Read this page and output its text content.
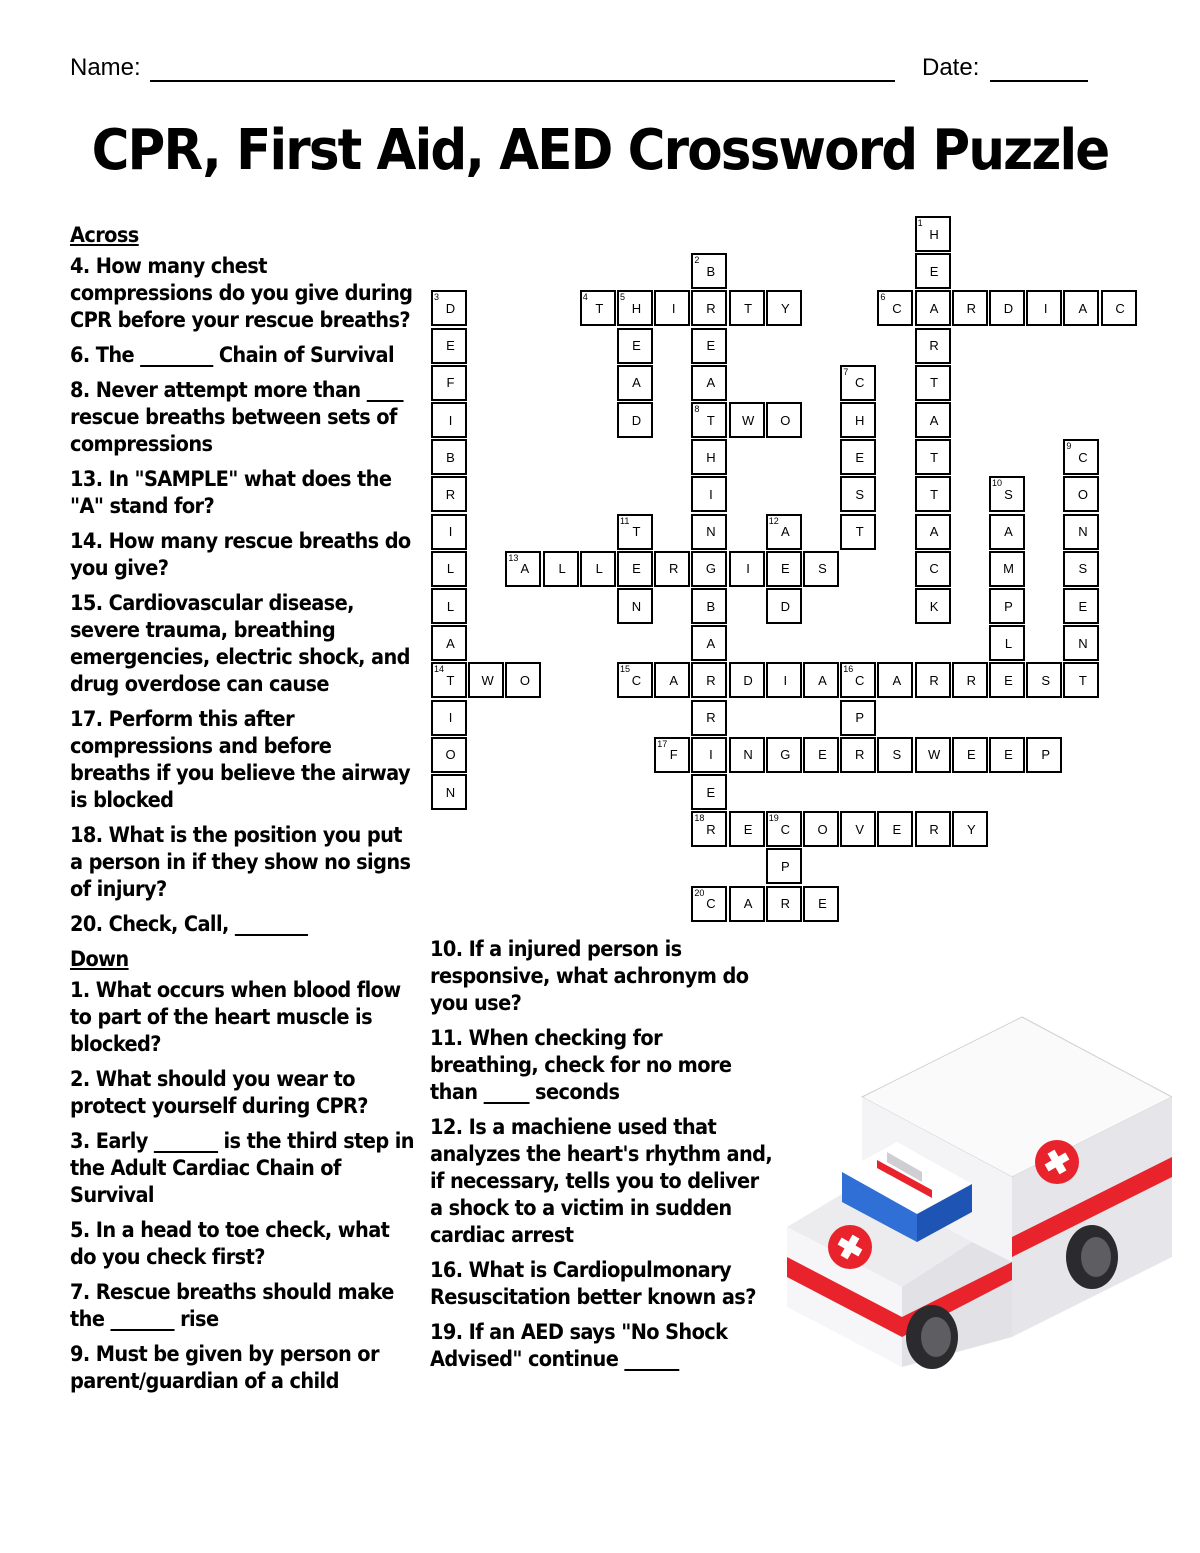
Name:	Date:
CPR, First Aid, AED Crossword Puzzle
Across
4. How many chest compressions do you give during CPR before your rescue breaths?
6. The ________ Chain of Survival
8. Never attempt more than ____ rescue breaths between sets of compressions
13. In "SAMPLE" what does the "A" stand for?
14. How many rescue breaths do you give?
15. Cardiovascular disease, severe trauma, breathing emergencies, electric shock, and drug overdose can cause
17. Perform this after compressions and before breaths if you believe the airway is blocked
18. What is the position you put a person in if they show no signs of injury?
20. Check, Call, ________
Down
1. What occurs when blood flow to part of the heart muscle is blocked?
2. What should you wear to protect yourself during CPR?
3. Early _______ is the third step in the Adult Cardiac Chain of Survival
5. In a head to toe check, what do you check first?
7. Rescue breaths should make the _______ rise
9. Must be given by person or parent/guardian of a child
10. If a injured person is responsive, what achronym do you use?
11. When checking for breathing, check for no more than _____ seconds
12. Is a machiene used that analyzes the heart's rhythm and, if necessary, tells you to deliver a shock to a victim in sudden cardiac arrest
16. What is Cardiopulmonary Resuscitation better known as?
19. If an AED says "No Shock Advised" continue ______
1
H
E
A
R
T
A
T
T
A
C
K
2
B
R
E
A
8
T
H
I
N
G
B
A
R
R
I
E
18
R
3
D
E
F
I
B
R
I
L
L
A
14
T
I
O
N
4
T
5
H	I	T	Y
E
A
D
6
C	R	D	I	A	C
7
C
H
E
S
T
W	O
9
C
O
N
S
E
N
T
10
S
A
M
P
L
E
11
T
E
N
12
A
E
D
13
A	L	L	R	I	S
W	O
15
C	A	D	I	A
16
C	A	R	R	S
P
R
17
F	N	G	E	S	W	E	E	P
E
19
C	O	V	E	R	Y
P
R
20
C	A	E
